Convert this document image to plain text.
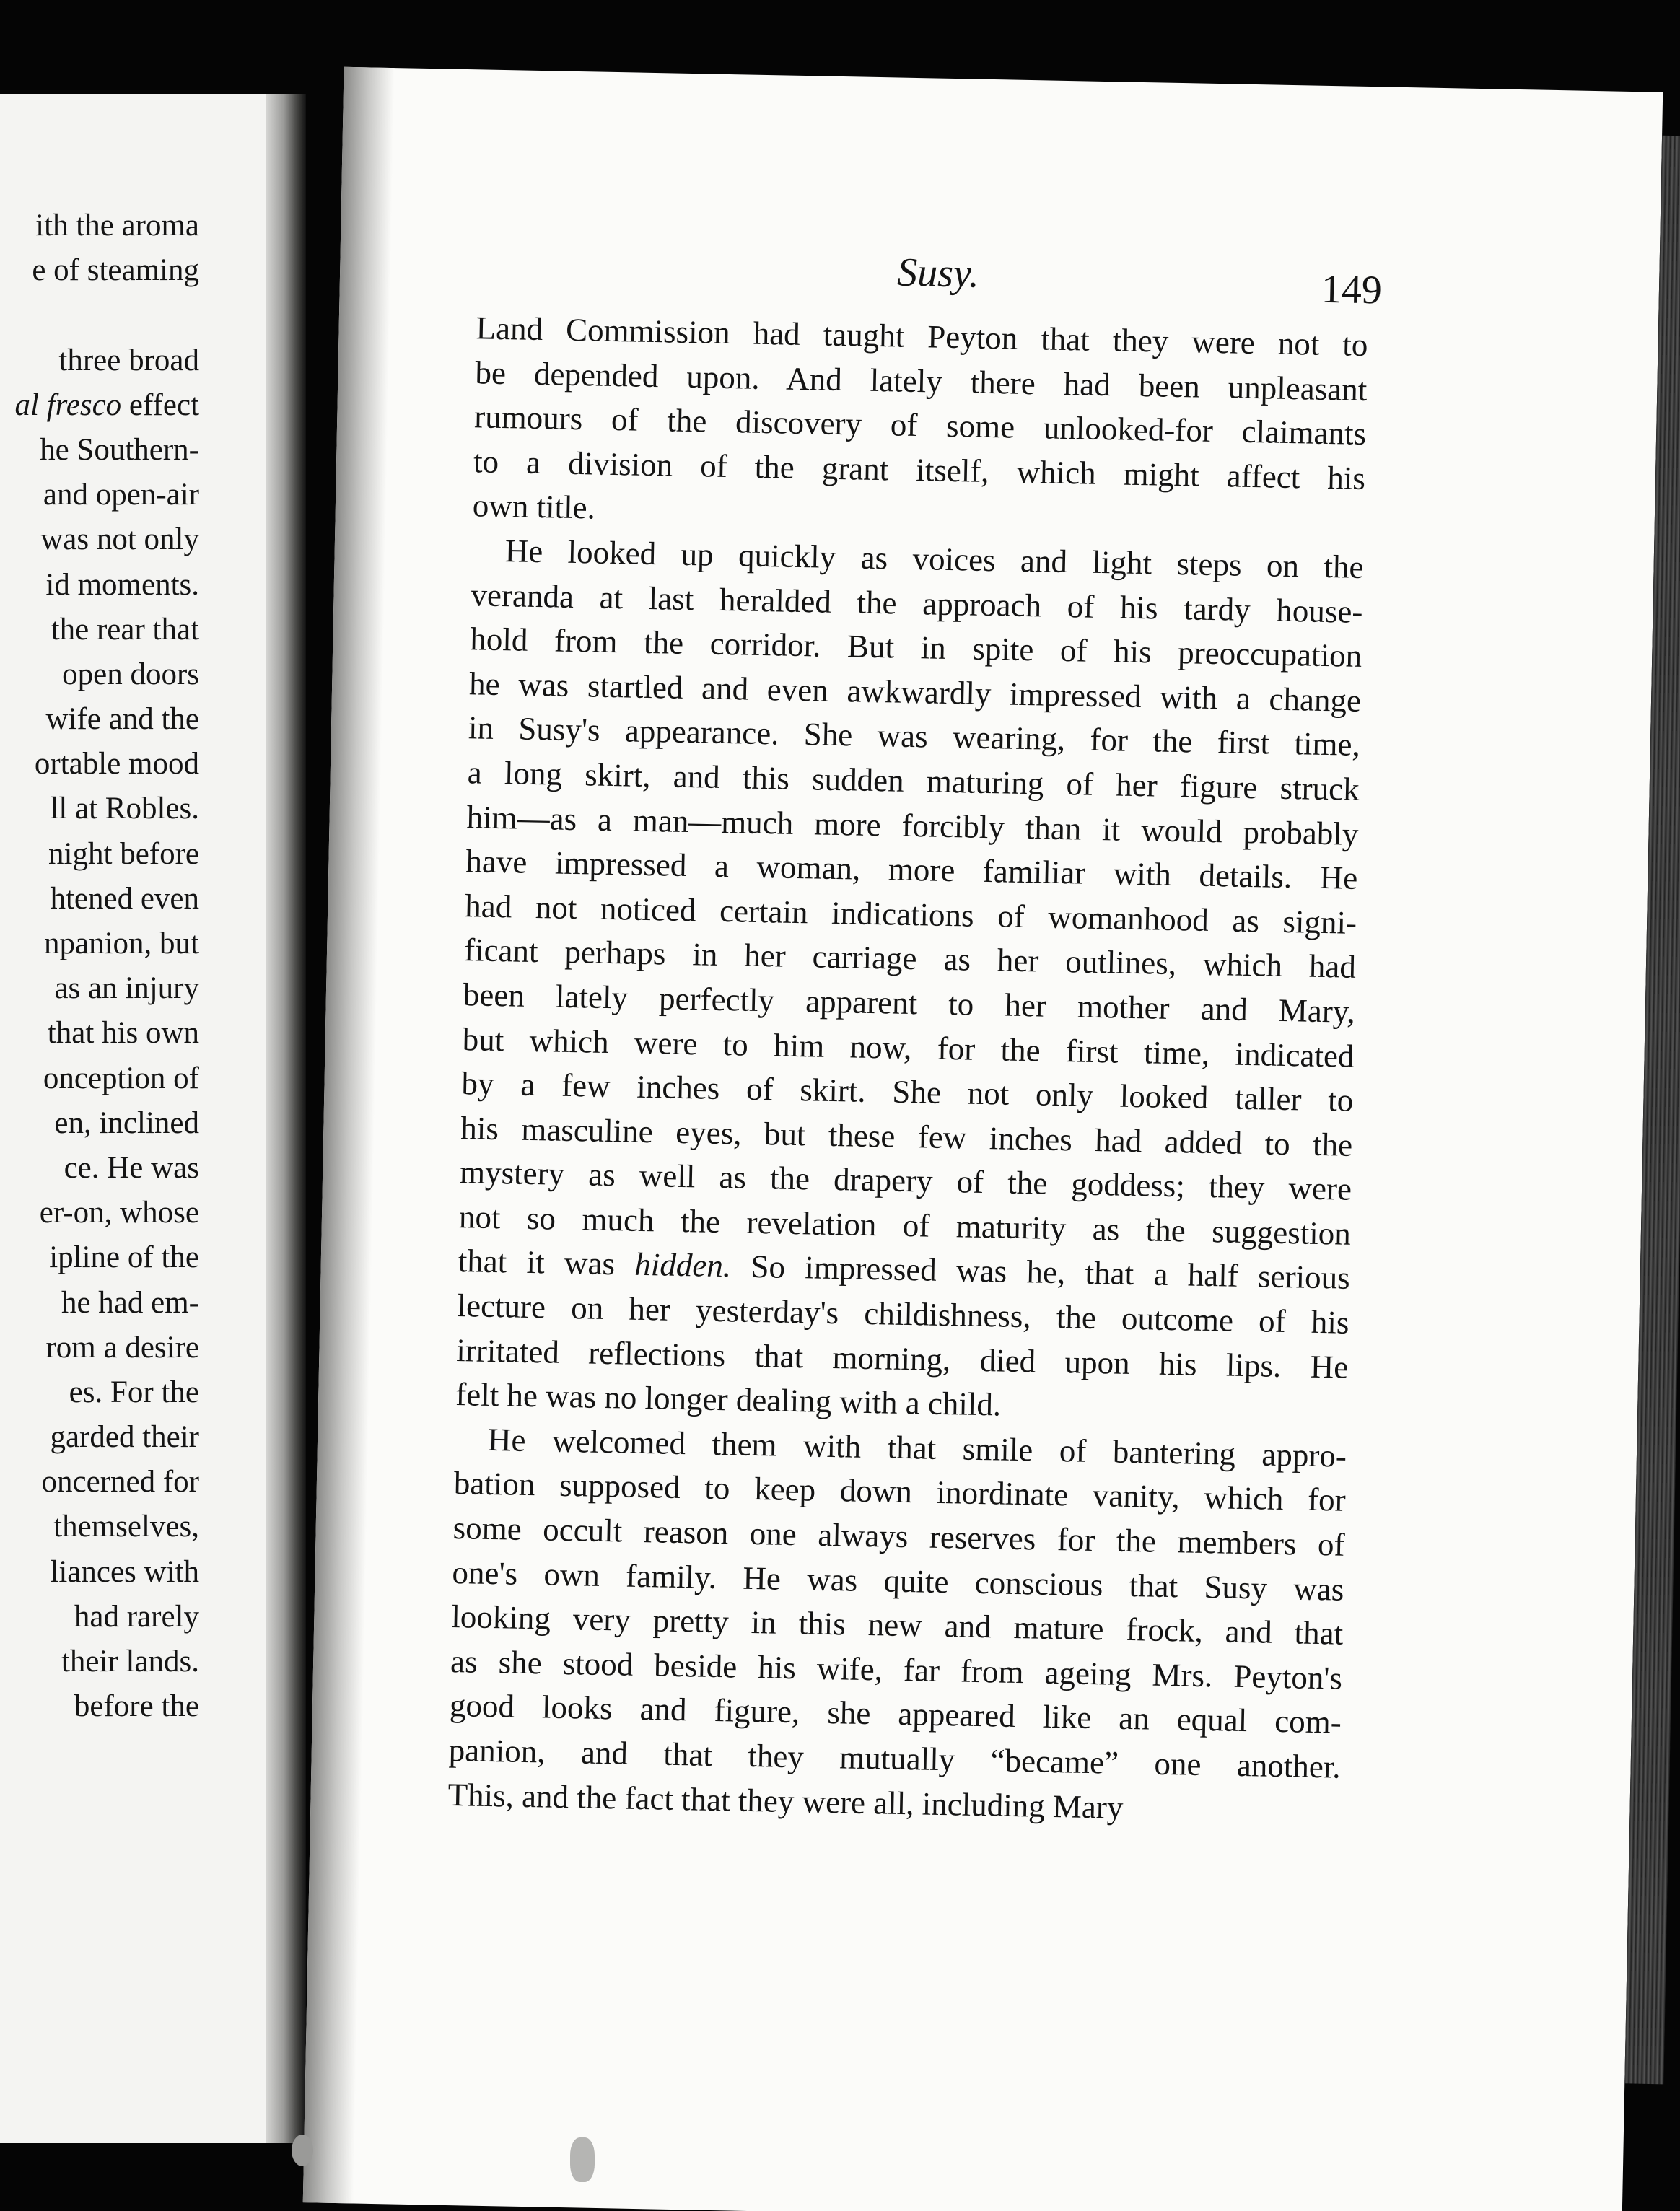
ith the aroma
e of steaming
three broad
al fresco effect
he Southern-
and open-air
was not only
id moments.
the rear that
open doors
wife and the
ortable mood
ll at Robles.
night before
htened even
npanion, but
as an injury
that his own
onception of
en, inclined
ce. He was
er-on, whose
ipline of the
he had em-
rom a desire
es. For the
garded their
oncerned for
themselves,
liances with
had rarely
their lands.
before the
Susy.	149

Land Commission had taught Peyton that they were not to
be depended upon. And lately there had been unpleasant
rumours of the discovery of some unlooked-for claimants
to a division of the grant itself, which might affect his
own title.

He looked up quickly as voices and light steps on the
veranda at last heralded the approach of his tardy house-
hold from the corridor. But in spite of his preoccupation
he was startled and even awkwardly impressed with a change
in Susy's appearance. She was wearing, for the first time,
a long skirt, and this sudden maturing of her figure struck
him—as a man—much more forcibly than it would probably
have impressed a woman, more familiar with details. He
had not noticed certain indications of womanhood as signi-
ficant perhaps in her carriage as her outlines, which had
been lately perfectly apparent to her mother and Mary,
but which were to him now, for the first time, indicated
by a few inches of skirt. She not only looked taller to
his masculine eyes, but these few inches had added to the
mystery as well as the drapery of the goddess; they were
not so much the revelation of maturity as the suggestion
that it was hidden. So impressed was he, that a half serious
lecture on her yesterday's childishness, the outcome of his
irritated reflections that morning, died upon his lips. He
felt he was no longer dealing with a child.

He welcomed them with that smile of bantering appro-
bation supposed to keep down inordinate vanity, which for
some occult reason one always reserves for the members of
one's own family. He was quite conscious that Susy was
looking very pretty in this new and mature frock, and that
as she stood beside his wife, far from ageing Mrs. Peyton's
good looks and figure, she appeared like an equal com-
panion, and that they mutually “became” one another.
This, and the fact that they were all, including Mary
